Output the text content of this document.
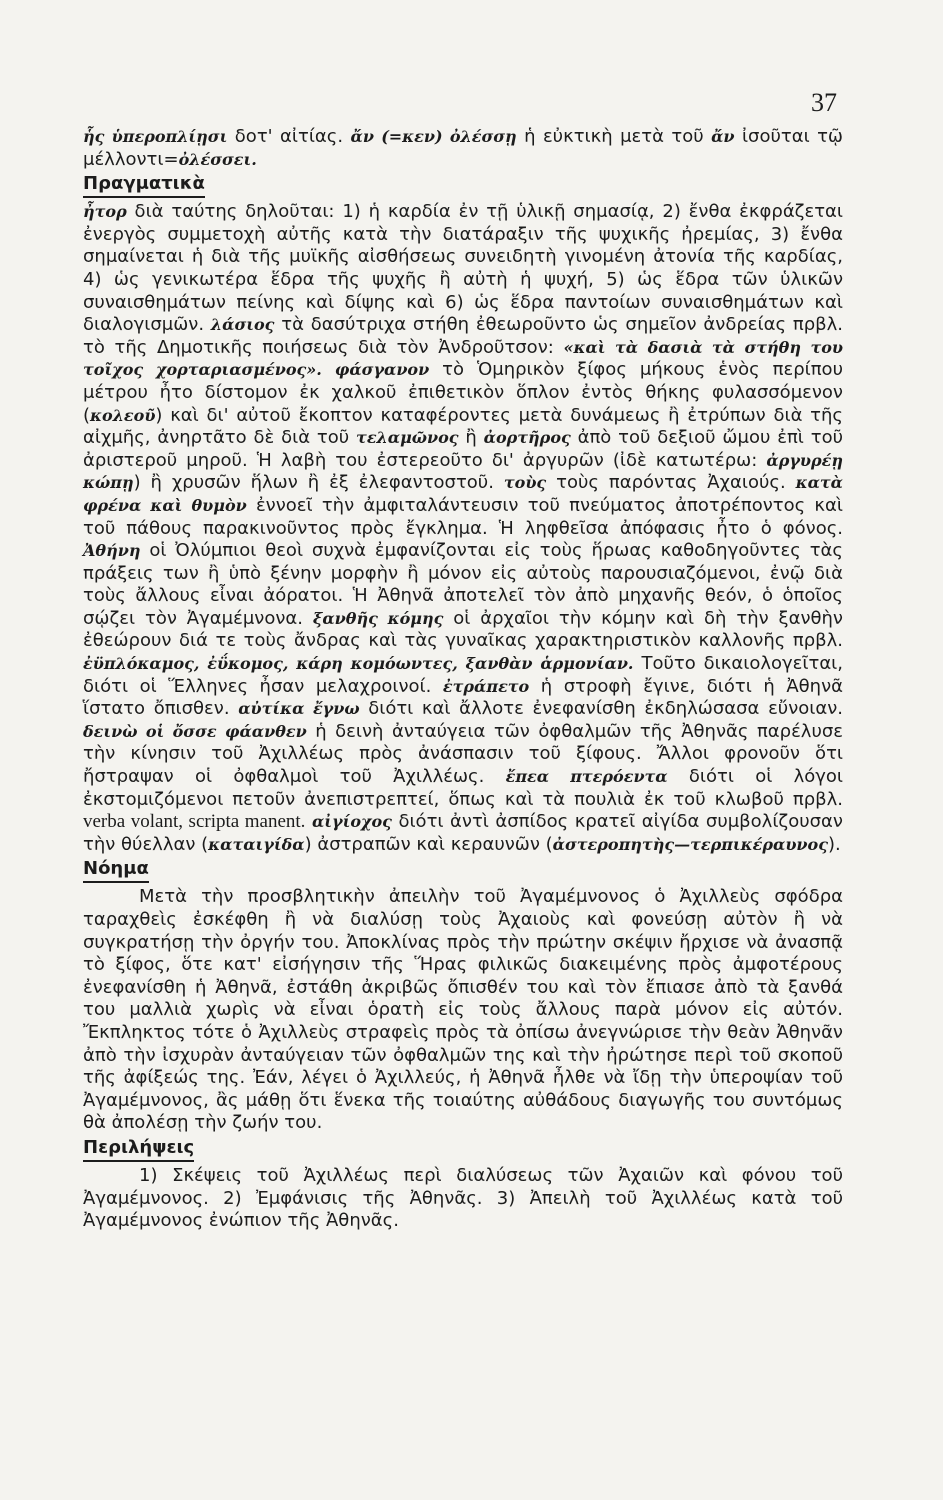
37

ἧς ὑπεροπλίῃσι δοτ' αἰτίας. ἄν (=κεν) ὀλέσσῃ ἡ εὐκτικὴ μετὰ τοῦ ἄν ἰσοῦται τῷ μέλλοντι=ὀλέσσει.

Πραγματικὰ

ἦτορ διὰ ταύτης δηλοῦται: 1) ἡ καρδία ἐν τῇ ὑλικῇ σημασίᾳ, 2) ἔνθα ἐκφράζεται ἐνεργὸς συμμετοχὴ αὐτῆς κατὰ τὴν διατάραξιν τῆς ψυχικῆς ἠρεμίας, 3) ἔνθα σημαίνεται ἡ διὰ τῆς μυϊκῆς αἰσθήσεως συνειδητὴ γινομένη ἀτονία τῆς καρδίας, 4) ὡς γενικωτέρα ἕδρα τῆς ψυχῆς ἢ αὐτὴ ἡ ψυχή, 5) ὡς ἕδρα τῶν ὑλικῶν συναισθημάτων πείνης καὶ δίψης καὶ 6) ὡς ἕδρα παντοίων συναισθημάτων καὶ διαλογισμῶν. λάσιος τὰ δασύτριχα στήθη ἐθεωροῦντο ὡς σημεῖον ἀνδρείας πρβλ. τὸ τῆς Δημοτικῆς ποιήσεως διὰ τὸν Ἀνδροῦτσον: «καὶ τὰ δασιὰ τὰ στήθη του τοῖχος χορταριασμένος». φάσγανον τὸ Ὁμηρικὸν ξίφος μήκους ἑνὸς περίπου μέτρου ἦτο δίστομον ἐκ χαλκοῦ ἐπιθετικὸν ὅπλον ἐντὸς θήκης φυλασσόμενον (κολεοῦ) καὶ δι' αὐτοῦ ἔκοπτον καταφέροντες μετὰ δυνάμεως ἢ ἐτρύπων διὰ τῆς αἰχμῆς, ἀνηρτᾶτο δὲ διὰ τοῦ τελαμῶνος ἢ ἀορτῆρος ἀπὸ τοῦ δεξιοῦ ὤμου ἐπὶ τοῦ ἀριστεροῦ μηροῦ. Ἡ λαβὴ του ἐστερεοῦτο δι' ἀργυρῶν (ἰδὲ κατωτέρω: ἀργυρέῃ κώπῃ) ἢ χρυσῶν ἥλων ἢ ἐξ ἐλεφαντοστοῦ. τοὺς τοὺς παρόντας Ἀχαιούς. κατὰ φρένα καὶ θυμὸν ἐννοεῖ τὴν ἀμφιταλάντευσιν τοῦ πνεύματος ἀποτρέποντος καὶ τοῦ πάθους παρακινοῦντος πρὸς ἔγκλημα. Ἡ ληφθεῖσα ἀπόφασις ἦτο ὁ φόνος. Ἀθήνη οἱ Ὀλύμπιοι θεοὶ συχνὰ ἐμφανίζονται εἰς τοὺς ἥρωας καθοδηγοῦντες τὰς πράξεις των ἢ ὑπὸ ξένην μορφὴν ἢ μόνον εἰς αὐτοὺς παρουσιαζόμενοι, ἐνῷ διὰ τοὺς ἄλλους εἶναι ἀόρατοι. Ἡ Ἀθηνᾶ ἀποτελεῖ τὸν ἀπὸ μηχανῆς θεόν, ὁ ὁποῖος σῴζει τὸν Ἀγαμέμνονα. ξανθῆς κόμης οἱ ἀρχαῖοι τὴν κόμην καὶ δὴ τὴν ξανθὴν ἐθεώρουν διά τε τοὺς ἄνδρας καὶ τὰς γυναῖκας χαρακτηριστικὸν καλλονῆς πρβλ. ἐϋπλόκαμος, ἐΰκομος, κάρη κομόωντες, ξανθὰν ἁρμονίαν. Τοῦτο δικαιολογεῖται, διότι οἱ Ἕλληνες ἦσαν μελαχροινοί. ἐτράπετο ἡ στροφὴ ἔγινε, διότι ἡ Ἀθηνᾶ ἵστατο ὄπισθεν. αὐτίκα ἔγνω διότι καὶ ἄλλοτε ἐνεφανίσθη ἐκδηλώσασα εὔνοιαν. δεινὼ οἱ ὄσσε φάανθεν ἡ δεινὴ ἀνταύγεια τῶν ὀφθαλμῶν τῆς Ἀθηνᾶς παρέλυσε τὴν κίνησιν τοῦ Ἀχιλλέως πρὸς ἀνάσπασιν τοῦ ξίφους. Ἄλλοι φρονοῦν ὅτι ἤστραψαν οἱ ὀφθαλμοὶ τοῦ Ἀχιλλέως. ἔπεα πτερόεντα διότι οἱ λόγοι ἐκστομιζόμενοι πετοῦν ἀνεπιστρεπτεί, ὅπως καὶ τὰ πουλιὰ ἐκ τοῦ κλωβοῦ πρβλ. verba volant, scripta manent. αἰγίοχος διότι ἀντὶ ἀσπίδος κρατεῖ αἰγίδα συμβολίζουσαν τὴν θύελλαν (καταιγίδα) ἀστραπῶν καὶ κεραυνῶν (ἀστεροπητὴς—τερπικέραυνος).

Νόημα

Μετὰ τὴν προσβλητικὴν ἀπειλὴν τοῦ Ἀγαμέμνονος ὁ Ἀχιλλεὺς σφόδρα ταραχθεὶς ἐσκέφθη ἢ νὰ διαλύσῃ τοὺς Ἀχαιοὺς καὶ φονεύσῃ αὐτὸν ἢ νὰ συγκρατήσῃ τὴν ὀργήν του. Ἀποκλίνας πρὸς τὴν πρώτην σκέψιν ἤρχισε νὰ ἀνασπᾷ τὸ ξίφος, ὅτε κατ' εἰσήγησιν τῆς Ἥρας φιλικῶς διακειμένης πρὸς ἀμφοτέρους ἐνεφανίσθη ἡ Ἀθηνᾶ, ἐστάθη ἀκριβῶς ὄπισθέν του καὶ τὸν ἔπιασε ἀπὸ τὰ ξανθά του μαλλιὰ χωρὶς νὰ εἶναι ὁρατὴ εἰς τοὺς ἄλλους παρὰ μόνον εἰς αὐτόν. Ἔκπληκτος τότε ὁ Ἀχιλλεὺς στραφεὶς πρὸς τὰ ὀπίσω ἀνεγνώρισε τὴν θεὰν Ἀθηνᾶν ἀπὸ τὴν ἰσχυρὰν ἀνταύγειαν τῶν ὀφθαλμῶν της καὶ τὴν ἠρώτησε περὶ τοῦ σκοποῦ τῆς ἀφίξεώς της. Ἐάν, λέγει ὁ Ἀχιλλεύς, ἡ Ἀθηνᾶ ἦλθε νὰ ἴδῃ τὴν ὑπεροψίαν τοῦ Ἀγαμέμνονος, ἂς μάθῃ ὅτι ἕνεκα τῆς τοιαύτης αὐθάδους διαγωγῆς του συντόμως θὰ ἀπολέσῃ τὴν ζωήν του.

Περιλήψεις

1) Σκέψεις τοῦ Ἀχιλλέως περὶ διαλύσεως τῶν Ἀχαιῶν καὶ φόνου τοῦ Ἀγαμέμνονος. 2) Ἐμφάνισις τῆς Ἀθηνᾶς. 3) Ἀπειλὴ τοῦ Ἀχιλλέως κατὰ τοῦ Ἀγαμέμνονος ἐνώπιον τῆς Ἀθηνᾶς.
